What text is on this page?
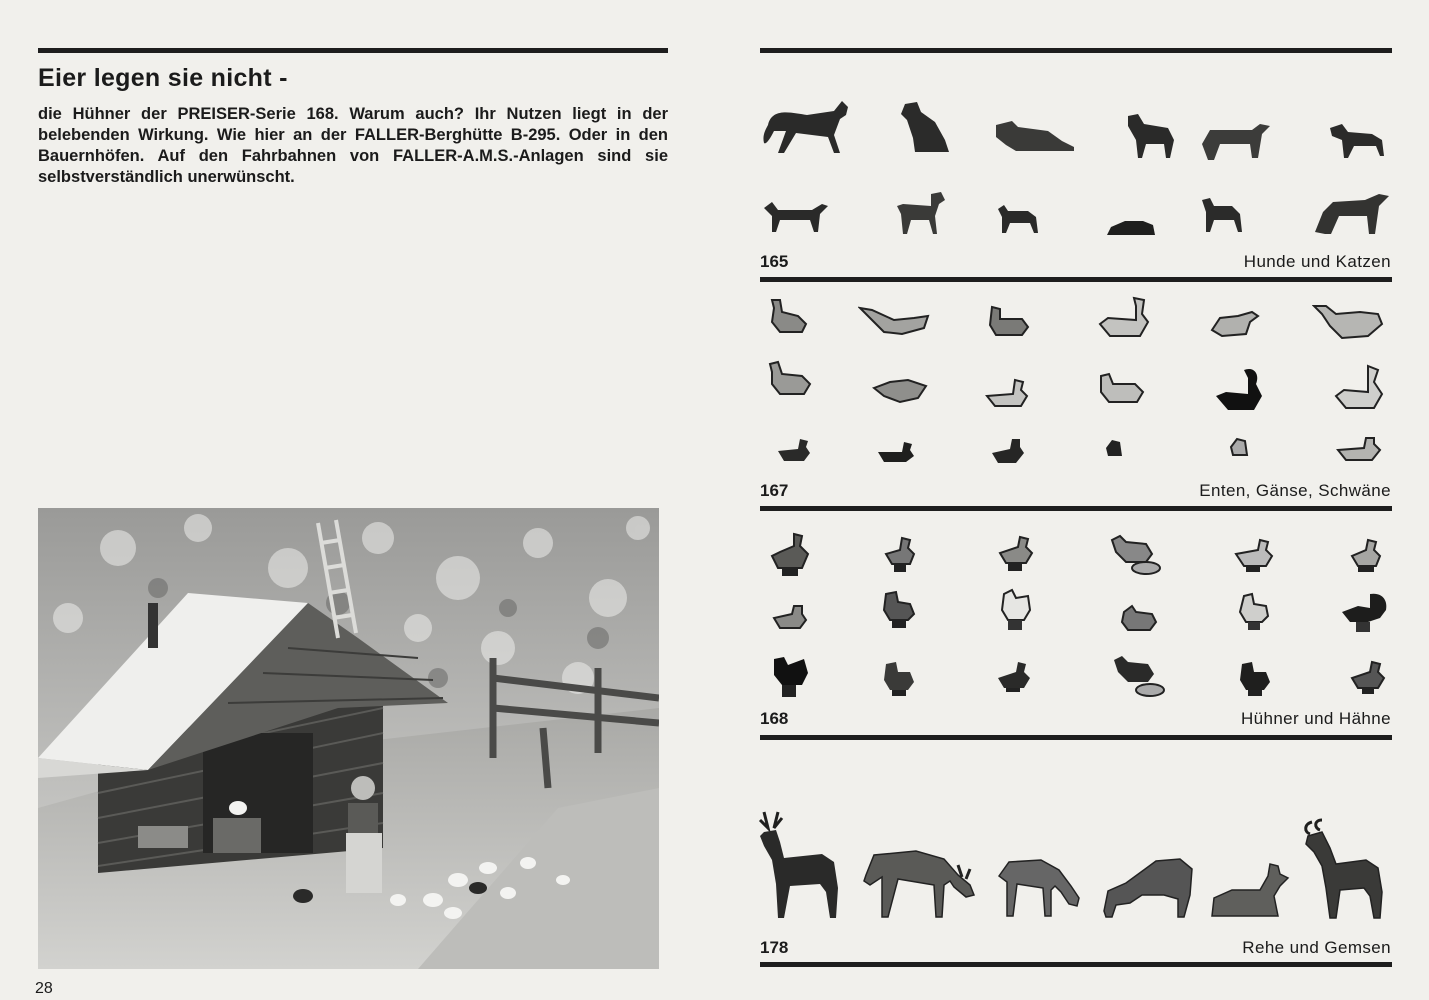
Eier legen sie nicht -

die Hühner der PREISER-Serie 168. Warum auch? Ihr Nutzen liegt in der belebenden Wirkung. Wie hier an der FALLER-Berghütte B-295. Oder in den Bauernhöfen. Auf den Fahrbahnen von FALLER-A.M.S.-Anlagen sind sie selbstverständlich unerwünscht.

28
165	Hunde und Katzen
167	Enten, Gänse, Schwäne
168	Hühner und Hähne
178	Rehe und Gemsen
